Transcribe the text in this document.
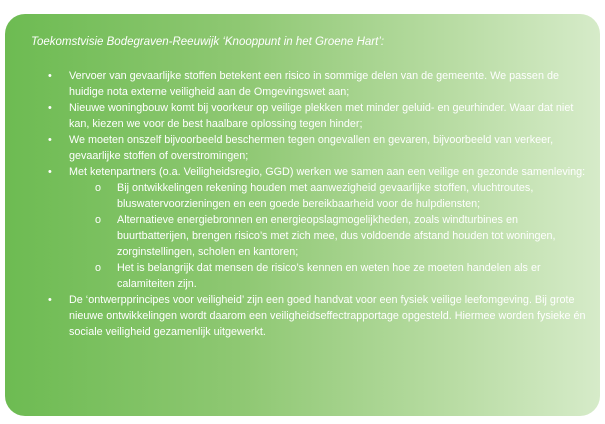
Toekomstvisie Bodegraven-Reeuwijk ‘Knooppunt in het Groene Hart’:
• Vervoer van gevaarlijke stoffen betekent een risico in sommige delen van de gemeente. We passen de huidige nota externe veiligheid aan de Omgevingswet aan;
• Nieuwe woningbouw komt bij voorkeur op veilige plekken met minder geluid- en geurhinder. Waar dat niet kan, kiezen we voor de best haalbare oplossing tegen hinder;
• We moeten onszelf bijvoorbeeld beschermen tegen ongevallen en gevaren, bijvoorbeeld van verkeer, gevaarlijke stoffen of overstromingen;
• Met ketenpartners (o.a. Veiligheidsregio, GGD) werken we samen aan een veilige en gezonde samenleving:
o Bij ontwikkelingen rekening houden met aanwezigheid gevaarlijke stoffen, vluchtroutes, bluswatervoorzieningen en een goede bereikbaarheid voor de hulpdiensten;
o Alternatieve energiebronnen en energieopslagmogelijkheden, zoals windturbines en buurtbatterijen, brengen risico’s met zich mee, dus voldoende afstand houden tot woningen, zorginstellingen, scholen en kantoren;
o Het is belangrijk dat mensen de risico’s kennen en weten hoe ze moeten handelen als er calamiteiten zijn.
• De ‘ontwerpprincipes voor veiligheid’ zijn een goed handvat voor een fysiek veilige leefomgeving. Bij grote nieuwe ontwikkelingen wordt daarom een veiligheidseffectrapportage opgesteld. Hiermee worden fysieke én sociale veiligheid gezamenlijk uitgewerkt.
